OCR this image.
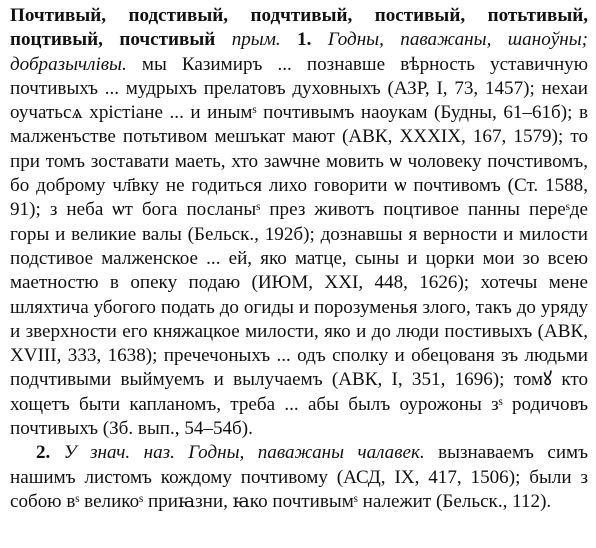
Почтивый, подстивый, подчтивый, постивый, потьтивый, поцтивый, почстивый прым. 1. Годны, паважаны, шаноўны; добразычлівы. мы Казимиръ ... познавше вѣрность уставичную почтивыхъ ... мудрыхъ прелатовъ духовныхъ (АЗР, І, 73, 1457); нехаи оучатьсѧ хрістіане ... и инымˢ почтивымъ наоукам (Будны, 61–61б); в малженъстве потьтивом мешъкат мают (АВК, XXXIX, 167, 1579); то при томъ зоставати маеть, хто заѡчне мовить ѡ чоловеку почстивомъ, бо доброму чл҃вку не годиться лихо говорити ѡ почтивомъ (Ст. 1588, 91); з неба ѡт бога посланыˢ през животъ поцтивое панны переˢде горы и великие валы (Бельск., 192б); дознавшы я верности и милости подстивое малженское ... ей, яко матце, сыны и цорки мои зо всею маетностю в опеку подаю (ИЮМ, XXI, 448, 1626); хотечы мене шляхтича убогого подать до огиды и порозуменья злого, такъ до уряду и зверхности его княжацкое милости, яко и до люди постивыхъ (АВК, XVIII, 333, 1638); пречечоныхъ ... одъ сполку и обецованя зъ людьми подчтивыми выймуемъ и вылучаемъ (АВК, І, 351, 1696); томꙋ кто хощетъ быти капланомъ, треба ... абы былъ оурожоны зˢ родичовъ почтивыхъ (Зб. вып., 54–54б).

2. У знач. наз. Годны, паважаны чалавек. вызнаваемъ симъ нашимъ листомъ кождому почтивому (АСД, IX, 417, 1506); были з собою вˢ великоˢ приꙗзни, ꙗко почтивымˢ належит (Бельск., 112).
